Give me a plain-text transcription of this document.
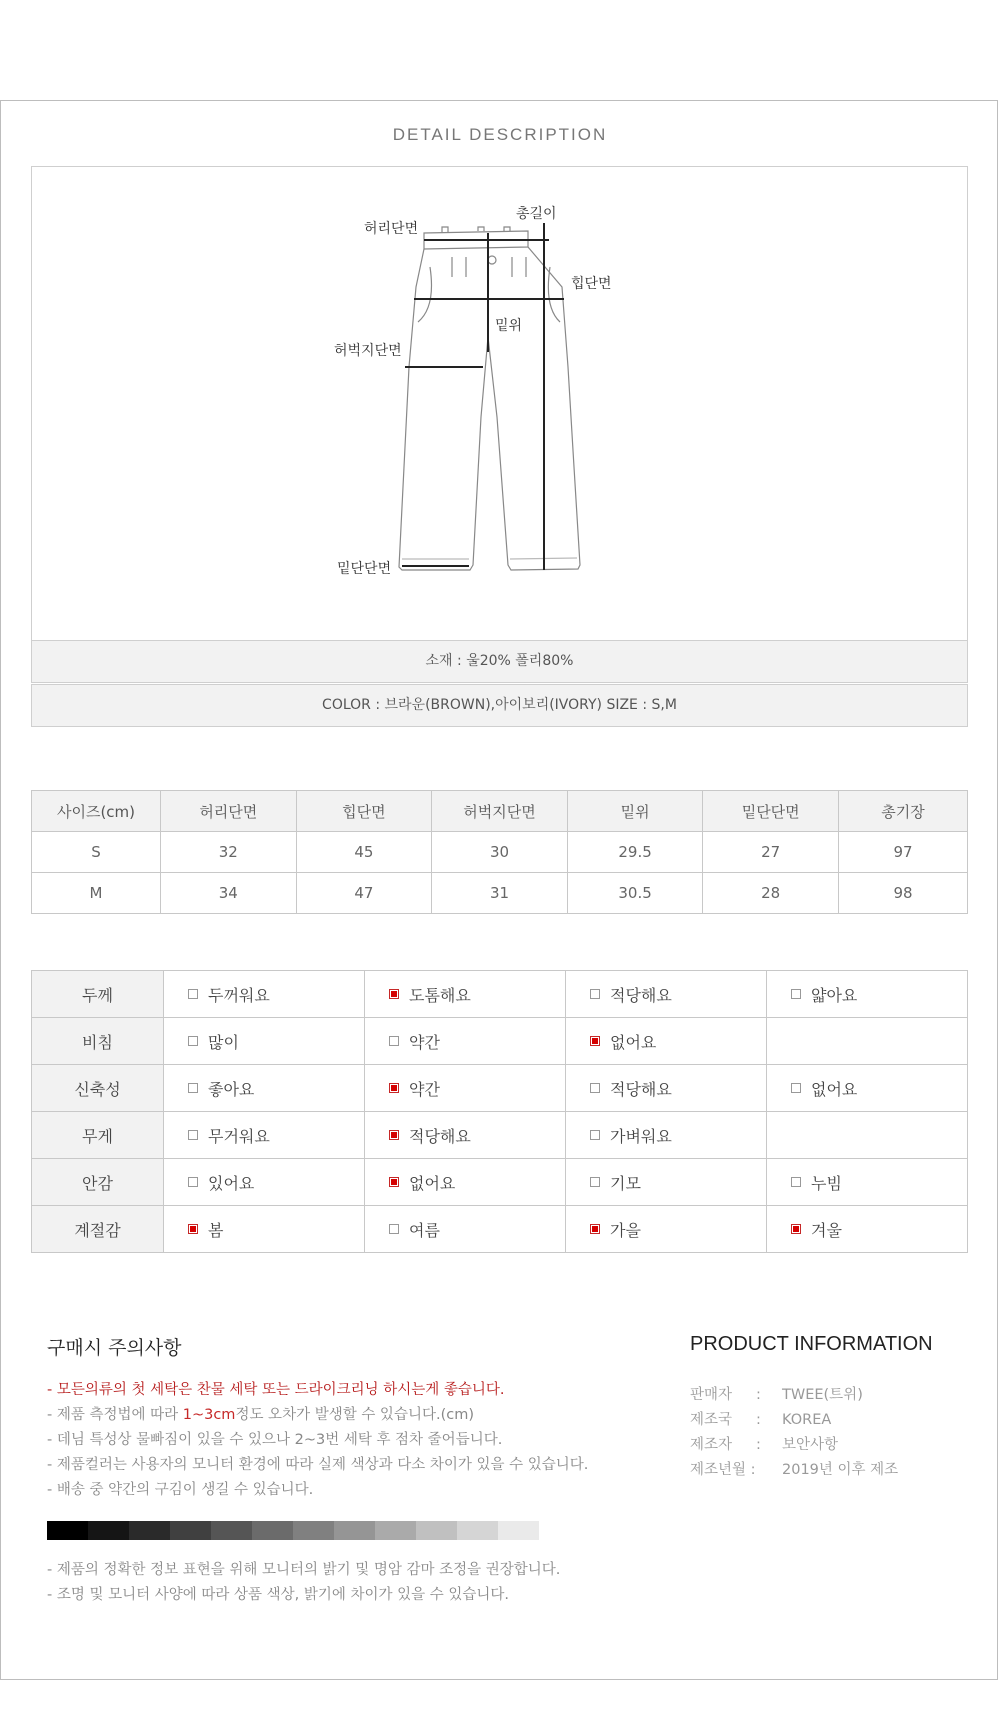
DETAIL DESCRIPTION
허리단면
총길이
힙단면
밑위
허벅지단면
밑단단면
소재 : 울20% 폴리80%
COLOR : 브라운(BROWN),아이보리(IVORY) SIZE : S,M
사이즈(cm)	허리단면	힙단면	허벅지단면	밑위	밑단단면	총기장
S	32	45	30	29.5	27	97
M	34	47	31	30.5	28	98
두께	두꺼워요	도톰해요	적당해요	얇아요
비침	많이	약간	없어요	
신축성	좋아요	약간	적당해요	없어요
무게	무거워요	적당해요	가벼워요	
안감	있어요	없어요	기모	누빔
계절감	봄	여름	가을	겨울
구매시 주의사항
- 모든의류의 첫 세탁은 찬물 세탁 또는 드라이크리닝 하시는게 좋습니다.
- 제품 측정법에 따라 1~3cm정도 오차가 발생할 수 있습니다.(cm)
- 데님 특성상 물빠짐이 있을 수 있으나 2~3번 세탁 후 점차 줄어듭니다.
- 제품컬러는 사용자의 모니터 환경에 따라 실제 색상과 다소 차이가 있을 수 있습니다.
- 배송 중 약간의 구김이 생길 수 있습니다.
- 제품의 정확한 정보 표현을 위해 모니터의 밝기 및 명암 감마 조정을 권장합니다.
- 조명 및 모니터 사양에 따라 상품 색상, 밝기에 차이가 있을 수 있습니다.
PRODUCT INFORMATION
판매자 : TWEE(트위)
제조국 : KOREA
제조자 : 보안사항
제조년월 : 2019년 이후 제조
